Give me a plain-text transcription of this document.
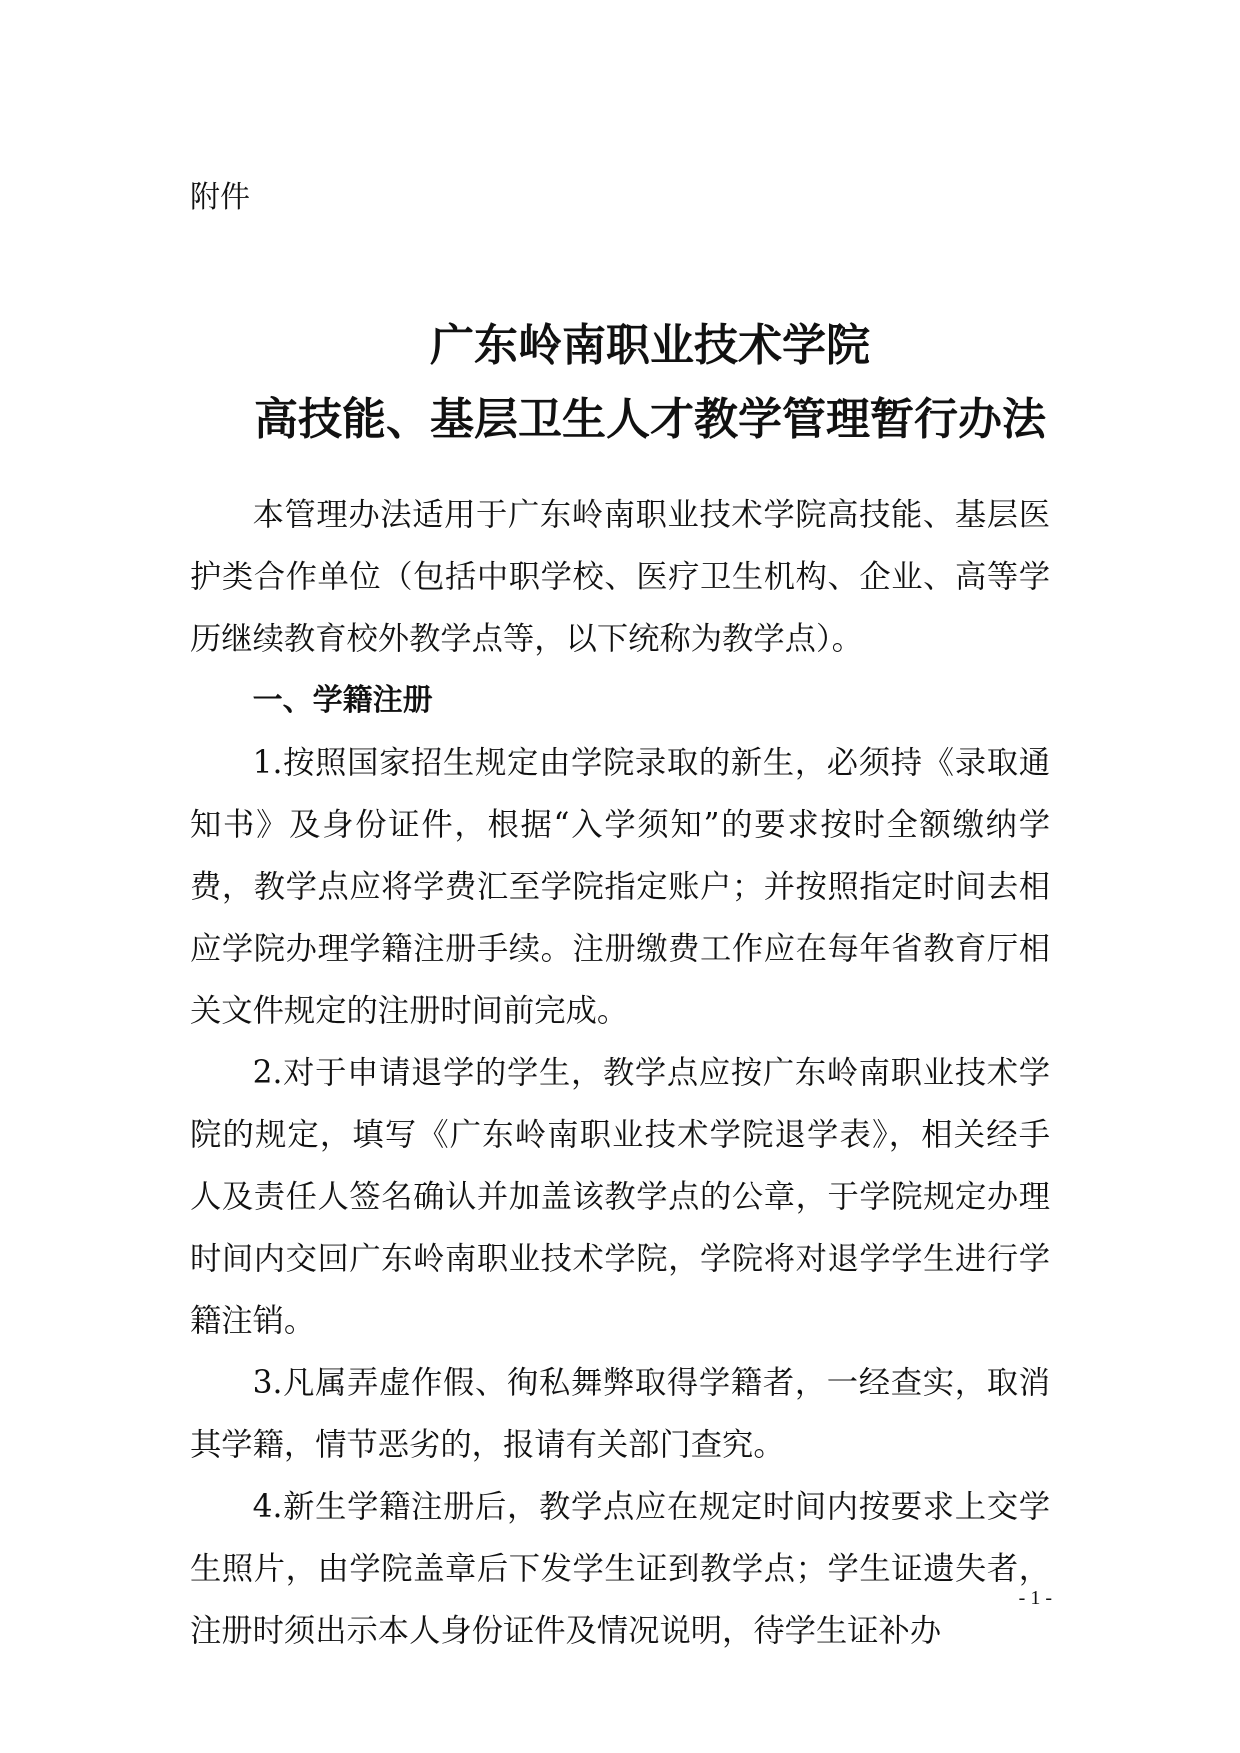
附件

广东岭南职业技术学院
高技能、基层卫生人才教学管理暂行办法

本管理办法适用于广东岭南职业技术学院高技能、基层医护类合作单位（包括中职学校、医疗卫生机构、企业、高等学历继续教育校外教学点等，以下统称为教学点）。

一、学籍注册

1.按照国家招生规定由学院录取的新生，必须持《录取通知书》及身份证件，根据“入学须知”的要求按时全额缴纳学费，教学点应将学费汇至学院指定账户；并按照指定时间去相应学院办理学籍注册手续。注册缴费工作应在每年省教育厅相关文件规定的注册时间前完成。

2.对于申请退学的学生，教学点应按广东岭南职业技术学院的规定，填写《广东岭南职业技术学院退学表》，相关经手人及责任人签名确认并加盖该教学点的公章，于学院规定办理时间内交回广东岭南职业技术学院，学院将对退学学生进行学籍注销。

3.凡属弄虚作假、徇私舞弊取得学籍者，一经查实，取消其学籍，情节恶劣的，报请有关部门查究。

4.新生学籍注册后，教学点应在规定时间内按要求上交学生照片，由学院盖章后下发学生证到教学点；学生证遗失者，注册时须出示本人身份证件及情况说明，待学生证补办

- 1 -
